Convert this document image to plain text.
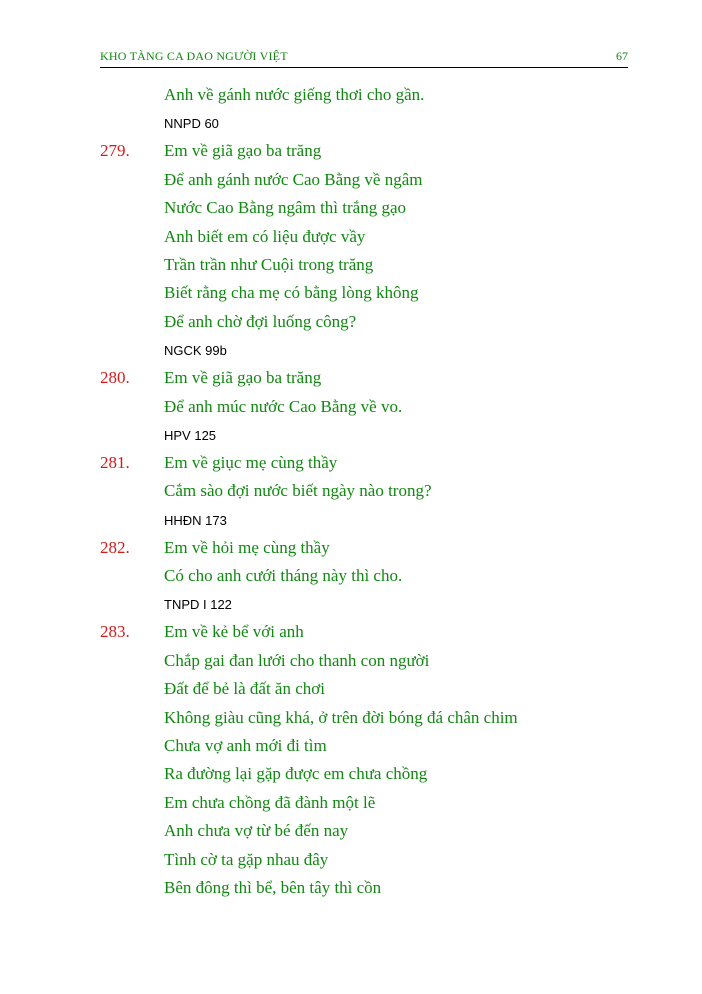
KHO TÀNG CA DAO NGƯỜI VIỆT	67
Anh về gánh nước giếng thơi cho gần.
NNPD 60
279. Em về giã gạo ba trăng
Để anh gánh nước Cao Bằng về ngâm
Nước Cao Bằng ngâm thì trắng gạo
Anh biết em có liệu được vầy
Trần trần như Cuội trong trăng
Biết rằng cha mẹ có bằng lòng không
Để anh chờ đợi luống công?
NGCK 99b
280. Em về giã gạo ba trăng
Để anh múc nước Cao Bằng về vo.
HPV 125
281. Em về giục mẹ cùng thầy
Cắm sào đợi nước biết ngày nào trong?
HHĐN 173
282. Em về hỏi mẹ cùng thầy
Có cho anh cưới tháng này thì cho.
TNPD I 122
283. Em về kẻ bể với anh
Chắp gai đan lưới cho thanh con người
Đất để bẻ là đất ăn chơi
Không giàu cũng khá, ở trên đời bóng đá chân chim
Chưa vợ anh mới đi tìm
Ra đường lại gặp được em chưa chồng
Em chưa chồng đã đành một lẽ
Anh chưa vợ từ bé đến nay
Tình cờ ta gặp nhau đây
Bên đông thì bể, bên tây thì cồn
